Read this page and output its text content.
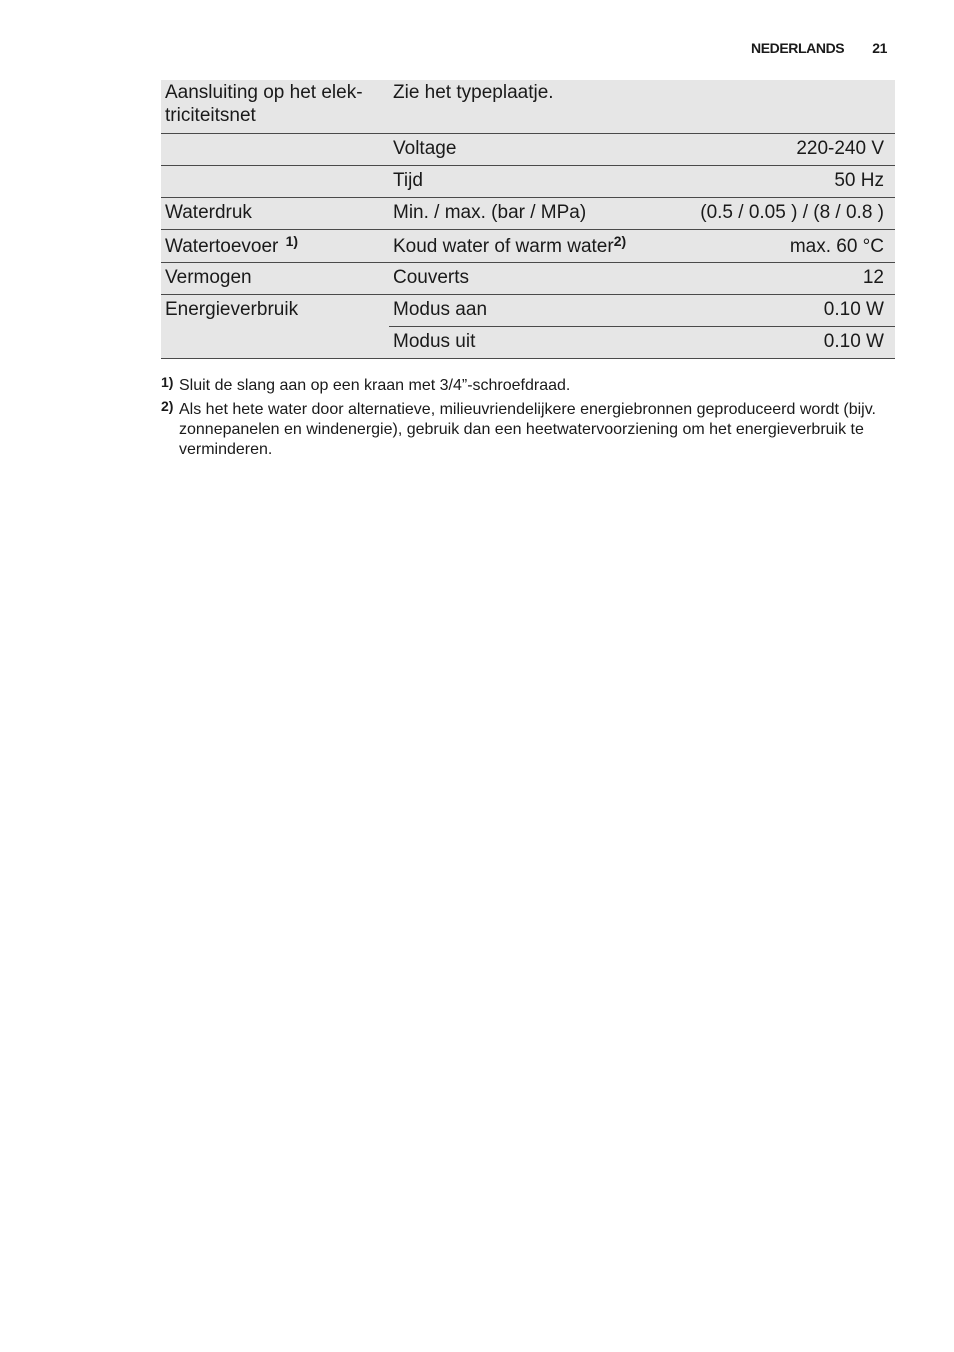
NEDERLANDS 21
Aansluiting op het elek-
triciteitsnet	Zie het typeplaatje.	
	Voltage	220-240 V
	Tijd	50 Hz
Waterdruk	Min. / max. (bar / MPa)	(0.5 / 0.05 ) / (8 / 0.8 )
Watertoevoer $^{1)}$	Koud water of warm water$^{2)}$	max. 60 °C
Vermogen	Couverts	12
Energieverbruik	Modus aan	0.10 W
	Modus uit	0.10 W
1) Sluit de slang aan op een kraan met 3/4”-schroefdraad.
2) Als het hete water door alternatieve, milieuvriendelijkere energiebronnen geproduceerd wordt (bijv. zonnepanelen en windenergie), gebruik dan een heetwatervoorziening om het energieverbruik te verminderen.
